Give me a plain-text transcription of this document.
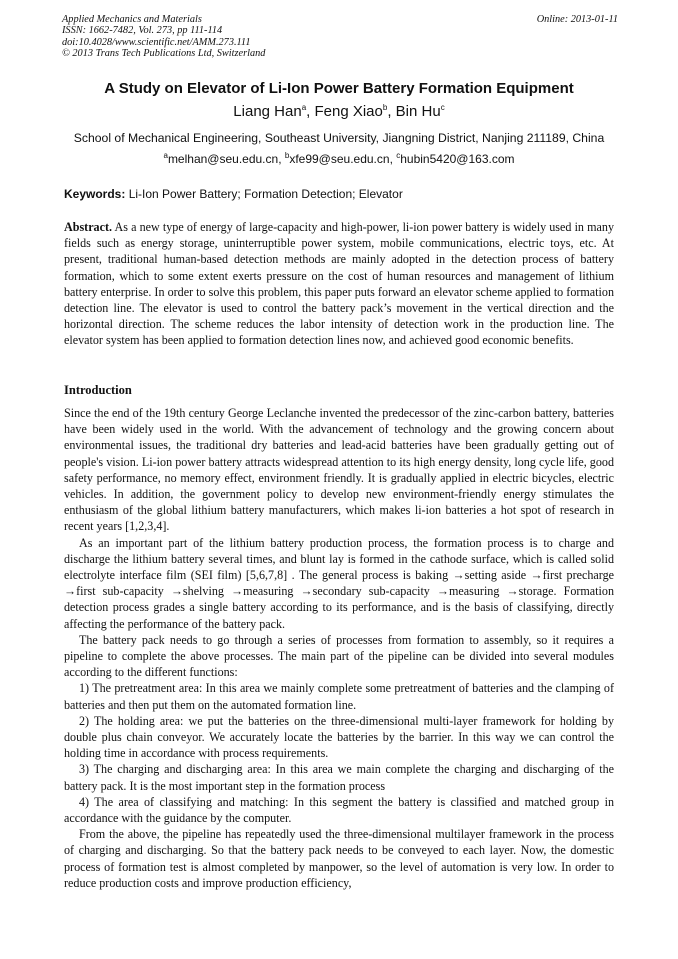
Applied Mechanics and Materials
ISSN: 1662-7482, Vol. 273, pp 111-114
doi:10.4028/www.scientific.net/AMM.273.111
© 2013 Trans Tech Publications Ltd, Switzerland
Online: 2013-01-11
A Study on Elevator of Li-Ion Power Battery Formation Equipment
Liang Han$^a$, Feng Xiao$^b$, Bin Hu$^c$
School of Mechanical Engineering, Southeast University, Jiangning District, Nanjing 211189, China
$^a$melhan@seu.edu.cn, $^b$xfe99@seu.edu.cn, $^c$hubin5420@163.com
Keywords: Li-Ion Power Battery; Formation Detection; Elevator

Abstract. As a new type of energy of large-capacity and high-power, li-ion power battery is widely used in many fields such as energy storage, uninterruptible power system, mobile communications, electric toys, etc. At present, traditional human-based detection methods are mainly adopted in the detection process of battery formation, which to some extent exerts pressure on the cost of human resources and management of lithium battery enterprise. In order to solve this problem, this paper puts forward an elevator scheme applied to formation detection line. The elevator is used to control the battery pack’s movement in the vertical direction and the horizontal direction. The scheme reduces the labor intensity of detection work in the production line. The elevator system has been applied to formation detection lines now, and achieved good economic benefits.

Introduction

Since the end of the 19th century George Leclanche invented the predecessor of the zinc-carbon battery, batteries have been widely used in the world. With the advancement of technology and the growing concern about environmental issues, the traditional dry batteries and lead-acid batteries have been gradually getting out of people's vision. Li-ion power battery attracts widespread attention to its high energy density, long cycle life, good safety performance, no memory effect, environment friendly. It is gradually applied in electric bicycles, electric vehicles. In addition, the government policy to develop new environment-friendly energy stimulates the enthusiasm of the global lithium battery manufacturers, which makes li-ion batteries a hot spot of research in recent years [1,2,3,4].

As an important part of the lithium battery production process, the formation process is to charge and discharge the lithium battery several times, and blunt lay is formed in the cathode surface, which is called solid electrolyte interface film (SEI film) [5,6,7,8] . The general process is baking →setting aside →first precharge →first sub-capacity →shelving →measuring →secondary sub-capacity →measuring →storage. Formation detection process grades a single battery according to its performance, and is the basis of classifying, directly affecting the performance of the battery pack.

The battery pack needs to go through a series of processes from formation to assembly, so it requires a pipeline to complete the above processes. The main part of the pipeline can be divided into several modules according to the different functions:

1) The pretreatment area: In this area we mainly complete some pretreatment of batteries and the clamping of batteries and then put them on the automated formation line.

2) The holding area: we put the batteries on the three-dimensional multi-layer framework for holding by double plus chain conveyor. We accurately locate the batteries by the barrier. In this way we can control the holding time in accordance with process requirements.

3) The charging and discharging area: In this area we main complete the charging and discharging of the battery pack. It is the most important step in the formation process

4) The area of classifying and matching: In this segment the battery is classified and matched group in accordance with the guidance by the computer.

From the above, the pipeline has repeatedly used the three-dimensional multilayer framework in the process of charging and discharging. So that the battery pack needs to be conveyed to each layer. Now, the domestic process of formation test is almost completed by manpower, so the level of automation is very low. In order to reduce production costs and improve production efficiency,
